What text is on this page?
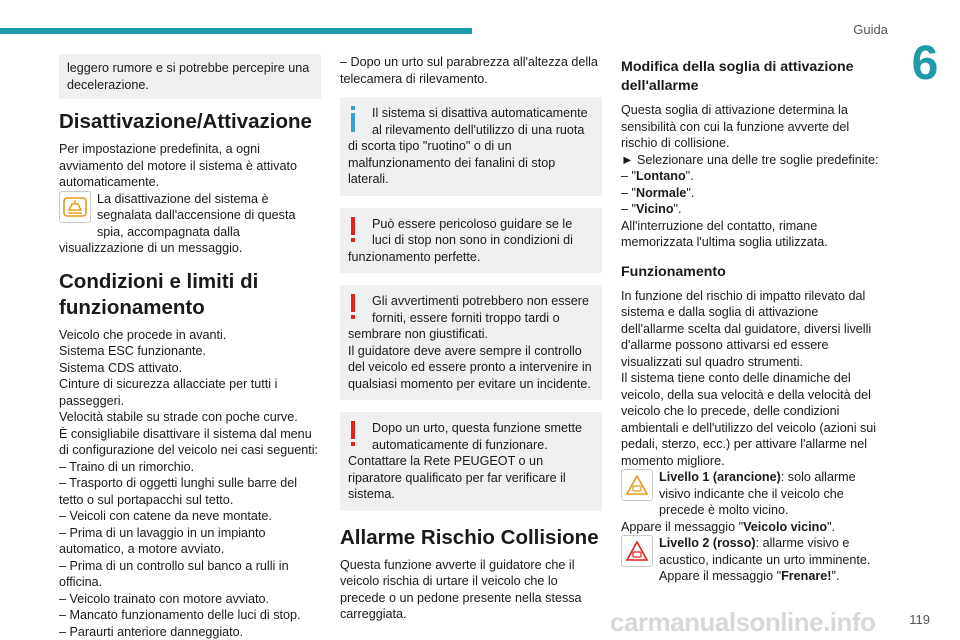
Guida
6

leggero rumore e si potrebbe percepire una decelerazione.

Disattivazione/Attivazione

Per impostazione predefinita, a ogni avviamento del motore il sistema è attivato automaticamente.

La disattivazione del sistema è segnalata dall'accensione di questa spia, accompagnata dalla visualizzazione di un messaggio.

Condizioni e limiti di funzionamento

Veicolo che procede in avanti.

Sistema ESC funzionante.

Sistema CDS attivato.

Cinture di sicurezza allacciate per tutti i passeggeri.

Velocità stabile su strade con poche curve.

È consigliabile disattivare il sistema dal menu di configurazione del veicolo nei casi seguenti:

– Traino di un rimorchio.

– Trasporto di oggetti lunghi sulle barre del tetto o sul portapacchi sul tetto.

– Veicoli con catene da neve montate.

– Prima di un lavaggio in un impianto automatico, a motore avviato.

– Prima di un controllo sul banco a rulli in officina.

– Veicolo trainato con motore avviato.

– Mancato funzionamento delle luci di stop.

– Paraurti anteriore danneggiato.

– Dopo un urto sul parabrezza all'altezza della telecamera di rilevamento.

Il sistema si disattiva automaticamente al rilevamento dell'utilizzo di una ruota di scorta tipo "ruotino" o di un malfunzionamento dei fanalini di stop laterali.

Può essere pericoloso guidare se le luci di stop non sono in condizioni di funzionamento perfette.

Gli avvertimenti potrebbero non essere forniti, essere forniti troppo tardi o sembrare non giustificati.

Il guidatore deve avere sempre il controllo del veicolo ed essere pronto a intervenire in qualsiasi momento per evitare un incidente.

Dopo un urto, questa funzione smette automaticamente di funzionare.

Contattare la Rete PEUGEOT o un riparatore qualificato per far verificare il sistema.

Allarme Rischio Collisione

Questa funzione avverte il guidatore che il veicolo rischia di urtare il veicolo che lo precede o un pedone presente nella stessa carreggiata.

Modifica della soglia di attivazione dell'allarme

Questa soglia di attivazione determina la sensibilità con cui la funzione avverte del rischio di collisione.

► Selezionare una delle tre soglie predefinite:

– "Lontano".

– "Normale".

– "Vicino".

All'interruzione del contatto, rimane memorizzata l'ultima soglia utilizzata.

Funzionamento

In funzione del rischio di impatto rilevato dal sistema e dalla soglia di attivazione dell'allarme scelta dal guidatore, diversi livelli d'allarme possono attivarsi ed essere visualizzati sul quadro strumenti.

Il sistema tiene conto delle dinamiche del veicolo, della sua velocità e della velocità del veicolo che lo precede, delle condizioni ambientali e dell'utilizzo del veicolo (azioni sui pedali, sterzo, ecc.) per attivare l'allarme nel momento migliore.

Livello 1 (arancione): solo allarme visivo indicante che il veicolo che precede è molto vicino.

Appare il messaggio "Veicolo vicino".

Livello 2 (rosso): allarme visivo e acustico, indicante un urto imminente.

Appare il messaggio "Frenare!".

carmanualsonline.info	119
